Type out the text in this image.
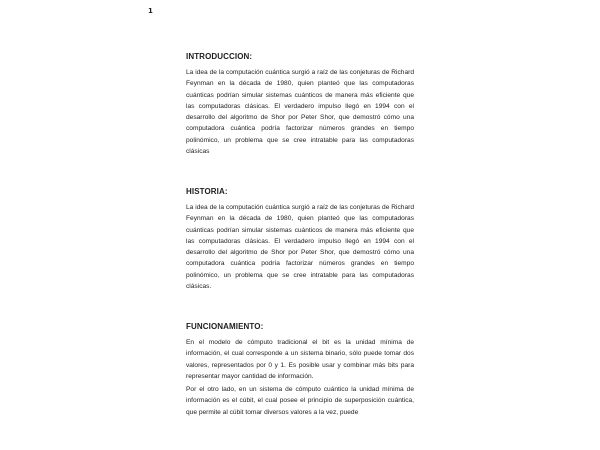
1
INTRODUCCION:

La idea de la computación cuántica surgió a raíz de las conjeturas de Richard Feynman en la década de 1980, quien planteó que las computadoras cuánticas podrían simular sistemas cuánticos de manera más eficiente que las computadoras clásicas. El verdadero impulso llegó en 1994 con el desarrollo del algoritmo de Shor por Peter Shor, que demostró cómo una computadora cuántica podría factorizar números grandes en tiempo polinómico, un problema que se cree intratable para las computadoras clásicas

HISTORIA:

La idea de la computación cuántica surgió a raíz de las conjeturas de Richard Feynman en la década de 1980, quien planteó que las computadoras cuánticas podrían simular sistemas cuánticos de manera más eficiente que las computadoras clásicas. El verdadero impulso llegó en 1994 con el desarrollo del algoritmo de Shor por Peter Shor, que demostró cómo una computadora cuántica podría factorizar números grandes en tiempo polinómico, un problema que se cree intratable para las computadoras clásicas.

FUNCIONAMIENTO:

En el modelo de cómputo tradicional el bit es la unidad mínima de información, el cual corresponde a un sistema binario, sólo puede tomar dos valores, representados por 0 y 1. Es posible usar y combinar más bits para representar mayor cantidad de información.

Por el otro lado, en un sistema de cómputo cuántico la unidad mínima de información es el cúbit, el cual posee el principio de superposición cuántica, que permite al cúbit tomar diversos valores a la vez, puede
